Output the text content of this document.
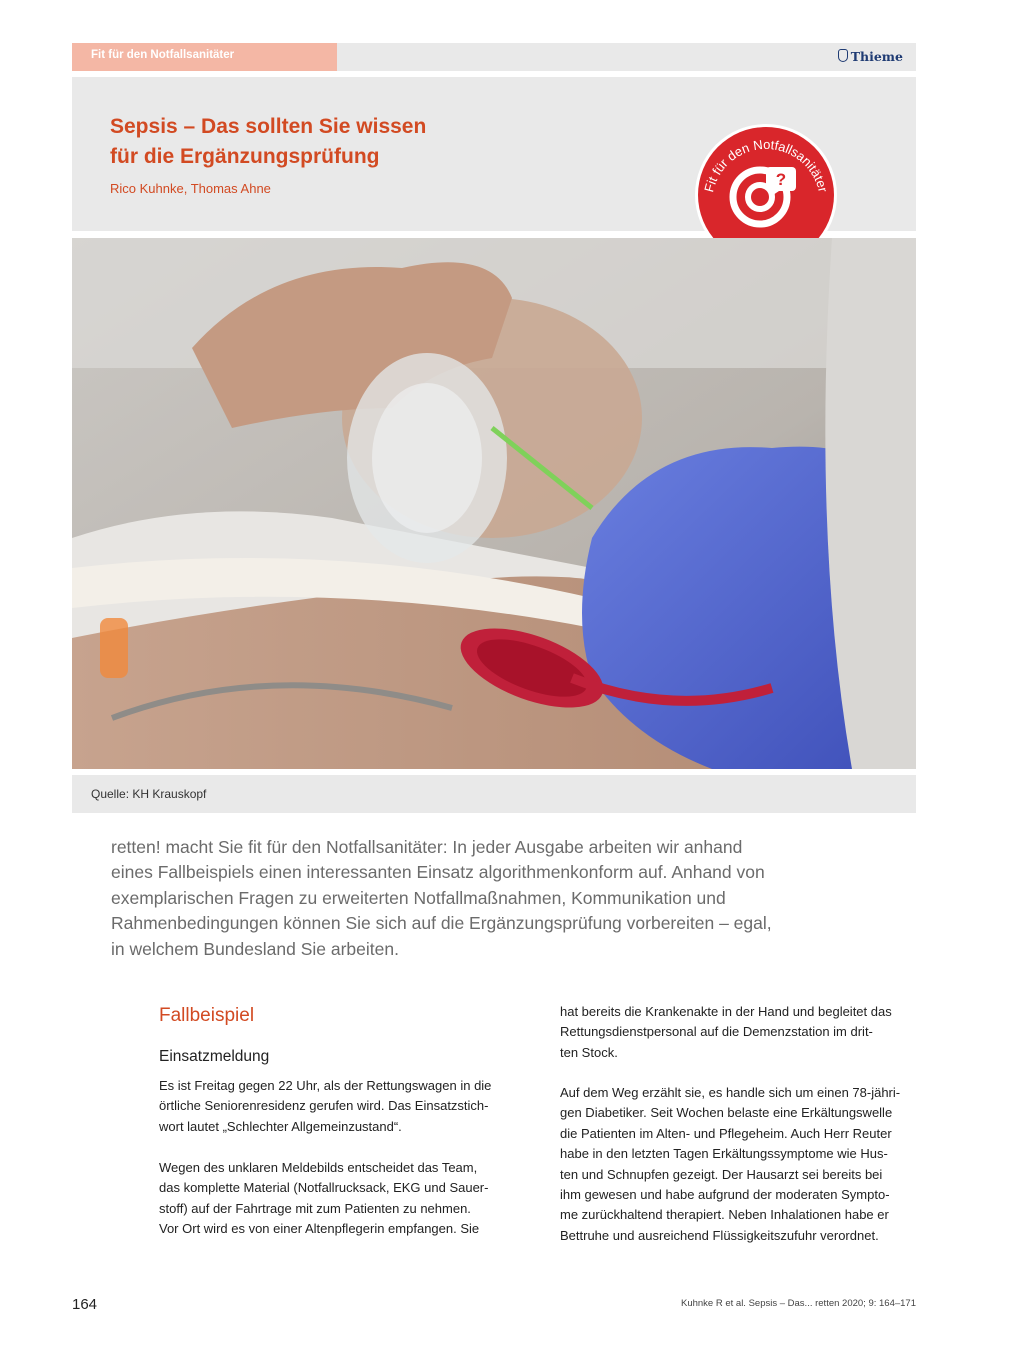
Fit für den Notfallsanitäter	Thieme
Sepsis – Das sollten Sie wissen
für die Ergänzungsprüfung
Rico Kuhnke, Thomas Ahne	Fit für den Notfallsanitäter
?
Quelle: KH Krauskopf
retten! macht Sie fit für den Notfallsanitäter: In jeder Ausgabe arbeiten wir anhand
eines Fallbeispiels einen interessanten Einsatz algorithmenkonform auf. Anhand von
exemplarischen Fragen zu erweiterten Notfallmaßnahmen, Kommunikation und
Rahmenbedingungen können Sie sich auf die Ergänzungsprüfung vorbereiten – egal,
in welchem Bundesland Sie arbeiten.
Fallbeispiel
Einsatzmeldung
Es ist Freitag gegen 22 Uhr, als der Rettungswagen in die
örtliche Seniorenresidenz gerufen wird. Das Einsatzstich-
wort lautet „Schlechter Allgemeinzustand“.
Wegen des unklaren Meldebilds entscheidet das Team,
das komplette Material (Notfallrucksack, EKG und Sauer-
stoff) auf der Fahrtrage mit zum Patienten zu nehmen.
Vor Ort wird es von einer Altenpflegerin empfangen. Sie
hat bereits die Krankenakte in der Hand und begleitet das
Rettungsdienstpersonal auf die Demenzstation im drit-
ten Stock.
Auf dem Weg erzählt sie, es handle sich um einen 78-jähri-
gen Diabetiker. Seit Wochen belaste eine Erkältungswelle
die Patienten im Alten- und Pflegeheim. Auch Herr Reuter
habe in den letzten Tagen Erkältungssymptome wie Hus-
ten und Schnupfen gezeigt. Der Hausarzt sei bereits bei
ihm gewesen und habe aufgrund der moderaten Sympto-
me zurückhaltend therapiert. Neben Inhalationen habe er
Bettruhe und ausreichend Flüssigkeitszufuhr verordnet.
164	Kuhnke R et al. Sepsis – Das... retten 2020; 9: 164–171
